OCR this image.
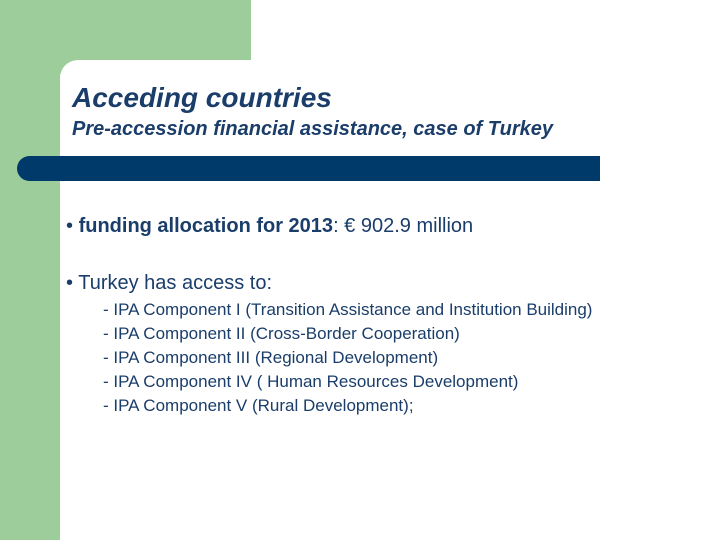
Acceding countries
Pre-accession financial assistance, case of Turkey
• funding allocation for 2013: € 902.9 million
• Turkey has access to:
- IPA Component I (Transition Assistance and Institution Building)
- IPA Component II (Cross-Border Cooperation)
- IPA Component III (Regional Development)
- IPA Component IV ( Human Resources Development)
- IPA Component V (Rural Development);
